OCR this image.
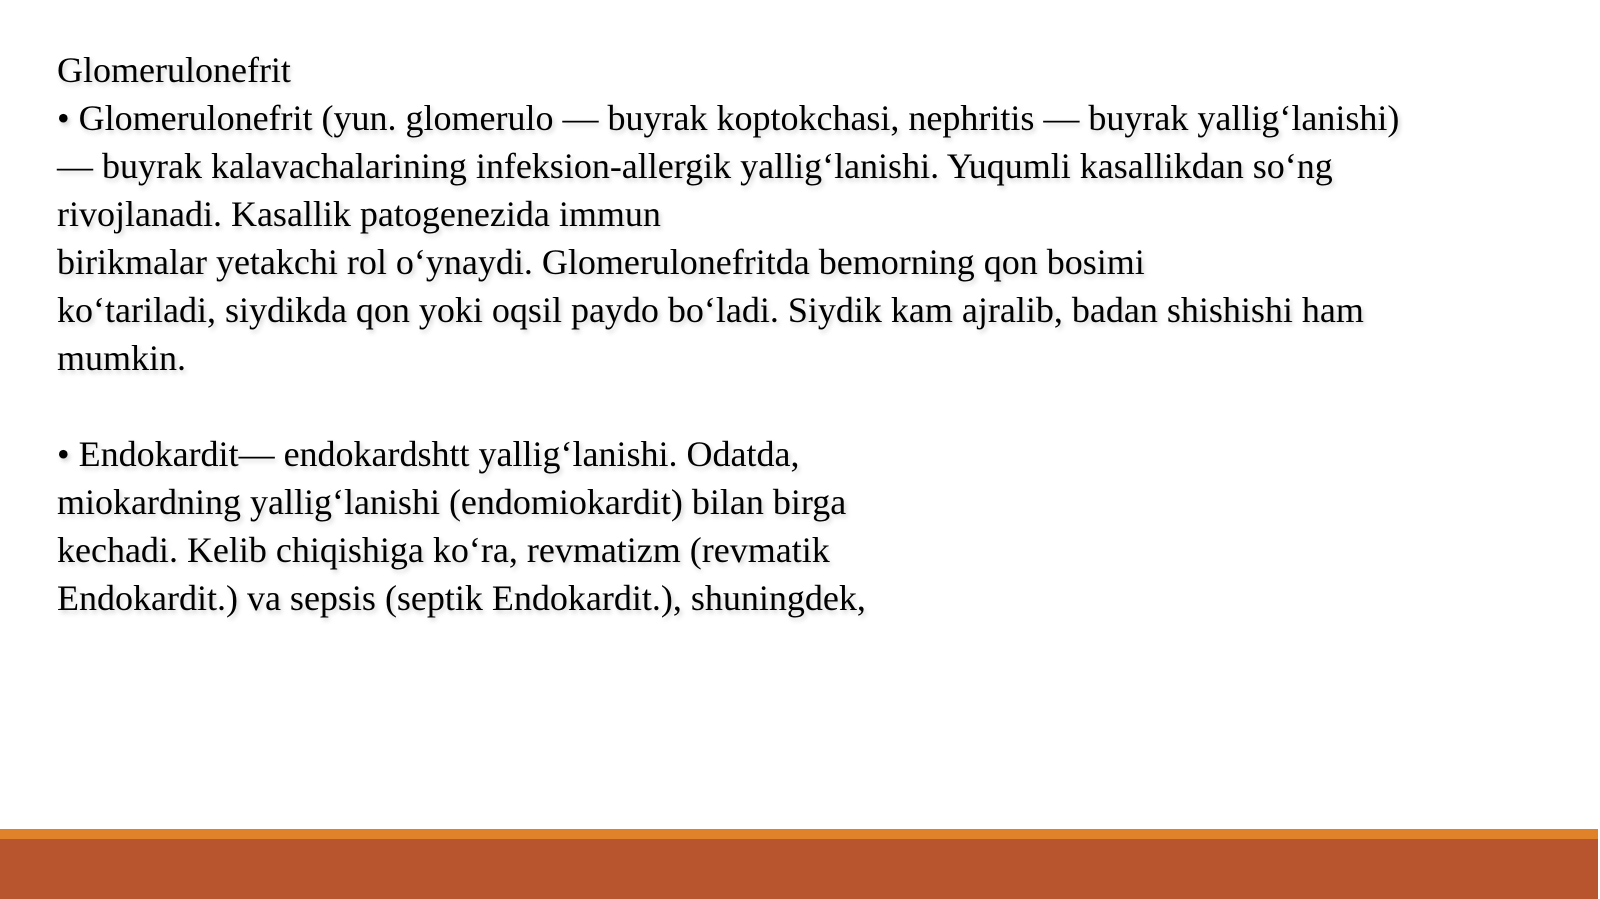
Glomerulonefrit
• Glomerulonefrit (yun. glomerulo — buyrak koptokchasi, nephritis — buyrak yallig‘lanishi)
— buyrak kalavachalarining infeksion-allergik yallig‘lanishi. Yuqumli kasallikdan so‘ng
rivojlanadi. Kasallik patogenezida immun
birikmalar yetakchi rol o‘ynaydi. Glomerulonefritda bemorning qon bosimi
ko‘tariladi, siydikda qon yoki oqsil paydo bo‘ladi. Siydik kam ajralib, badan shishishi ham
mumkin.
• Endokardit— endokardshtt yallig‘lanishi. Odatda,
miokardning yallig‘lanishi (endomiokardit) bilan birga
kechadi. Kelib chiqishiga ko‘ra, revmatizm (revmatik
Endokardit.) va sepsis (septik Endokardit.), shuningdek,
